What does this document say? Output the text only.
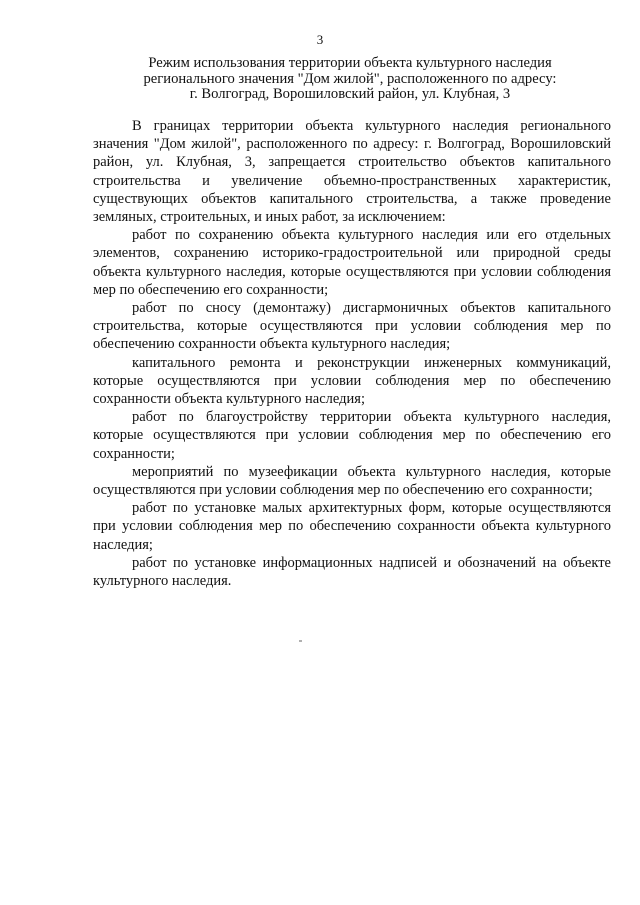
3
Режим использования территории объекта культурного наследия
регионального значения "Дом жилой", расположенного по адресу:
г. Волгоград, Ворошиловский район, ул. Клубная, 3

В границах территории объекта культурного наследия регионального значения "Дом жилой", расположенного по адресу: г. Волгоград, Ворошиловский район, ул. Клубная, 3, запрещается строительство объектов капитального строительства и увеличение объемно-пространственных характеристик, существующих объектов капитального строительства, а также проведение земляных, строительных, и иных работ, за исключением:

работ по сохранению объекта культурного наследия или его отдельных элементов, сохранению историко-градостроительной или природной среды объекта культурного наследия, которые осуществляются при условии соблюдения мер по обеспечению его сохранности;

работ по сносу (демонтажу) дисгармоничных объектов капитального строительства, которые осуществляются при условии соблюдения мер по обеспечению сохранности объекта культурного наследия;

капитального ремонта и реконструкции инженерных коммуникаций, которые осуществляются при условии соблюдения мер по обеспечению сохранности объекта культурного наследия;

работ по благоустройству территории объекта культурного наследия, которые осуществляются при условии соблюдения мер по обеспечению его сохранности;

мероприятий по музеефикации объекта культурного наследия, которые осуществляются при условии соблюдения мер по обеспечению его сохранности;

работ по установке малых архитектурных форм, которые осуществляются при условии соблюдения мер по обеспечению сохранности объекта культурного наследия;

работ по установке информационных надписей и обозначений на объекте культурного наследия.
